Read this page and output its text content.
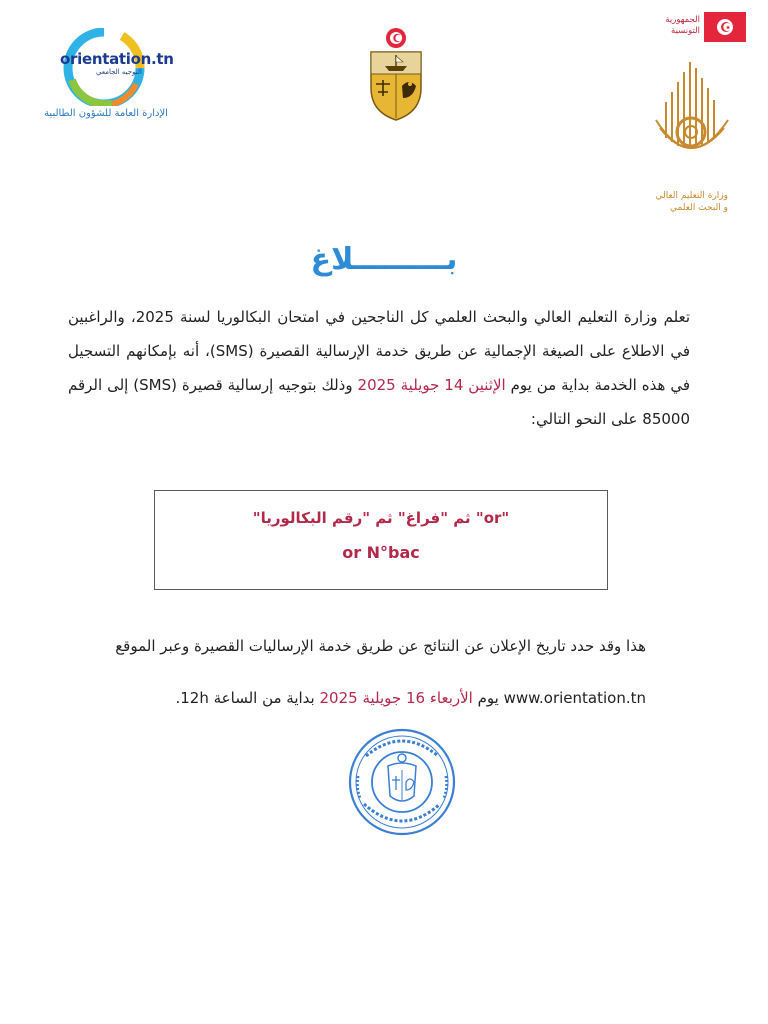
orientation.tn
التوجيه الجامعي
الإدارة العامة للشؤون الطالبية
الجمهورية
التونسية
وزارة التعليم العالي
و البحث العلمي
بـــــــــلاغ
تعلم وزارة التعليم العالي والبحث العلمي كل الناجحين في امتحان البكالوريا لسنة 2025، والراغبين في الاطلاع على الصيغة الإجمالية عن طريق خدمة الإرسالية القصيرة (SMS)، أنه بإمكانهم التسجيل في هذه الخدمة بداية من يوم الإثنين 14 جويلية 2025 وذلك بتوجيه إرسالية قصيرة (SMS) إلى الرقم 85000 على النحو التالي:
"or" ثم "فراغ" ثم "رقم البكالوريا"
or N°bac
هذا وقد حدد تاريخ الإعلان عن النتائج عن طريق خدمة الإرساليات القصيرة وعبر الموقع www.orientation.tn يوم الأربعاء 16 جويلية 2025 بداية من الساعة 12h.
